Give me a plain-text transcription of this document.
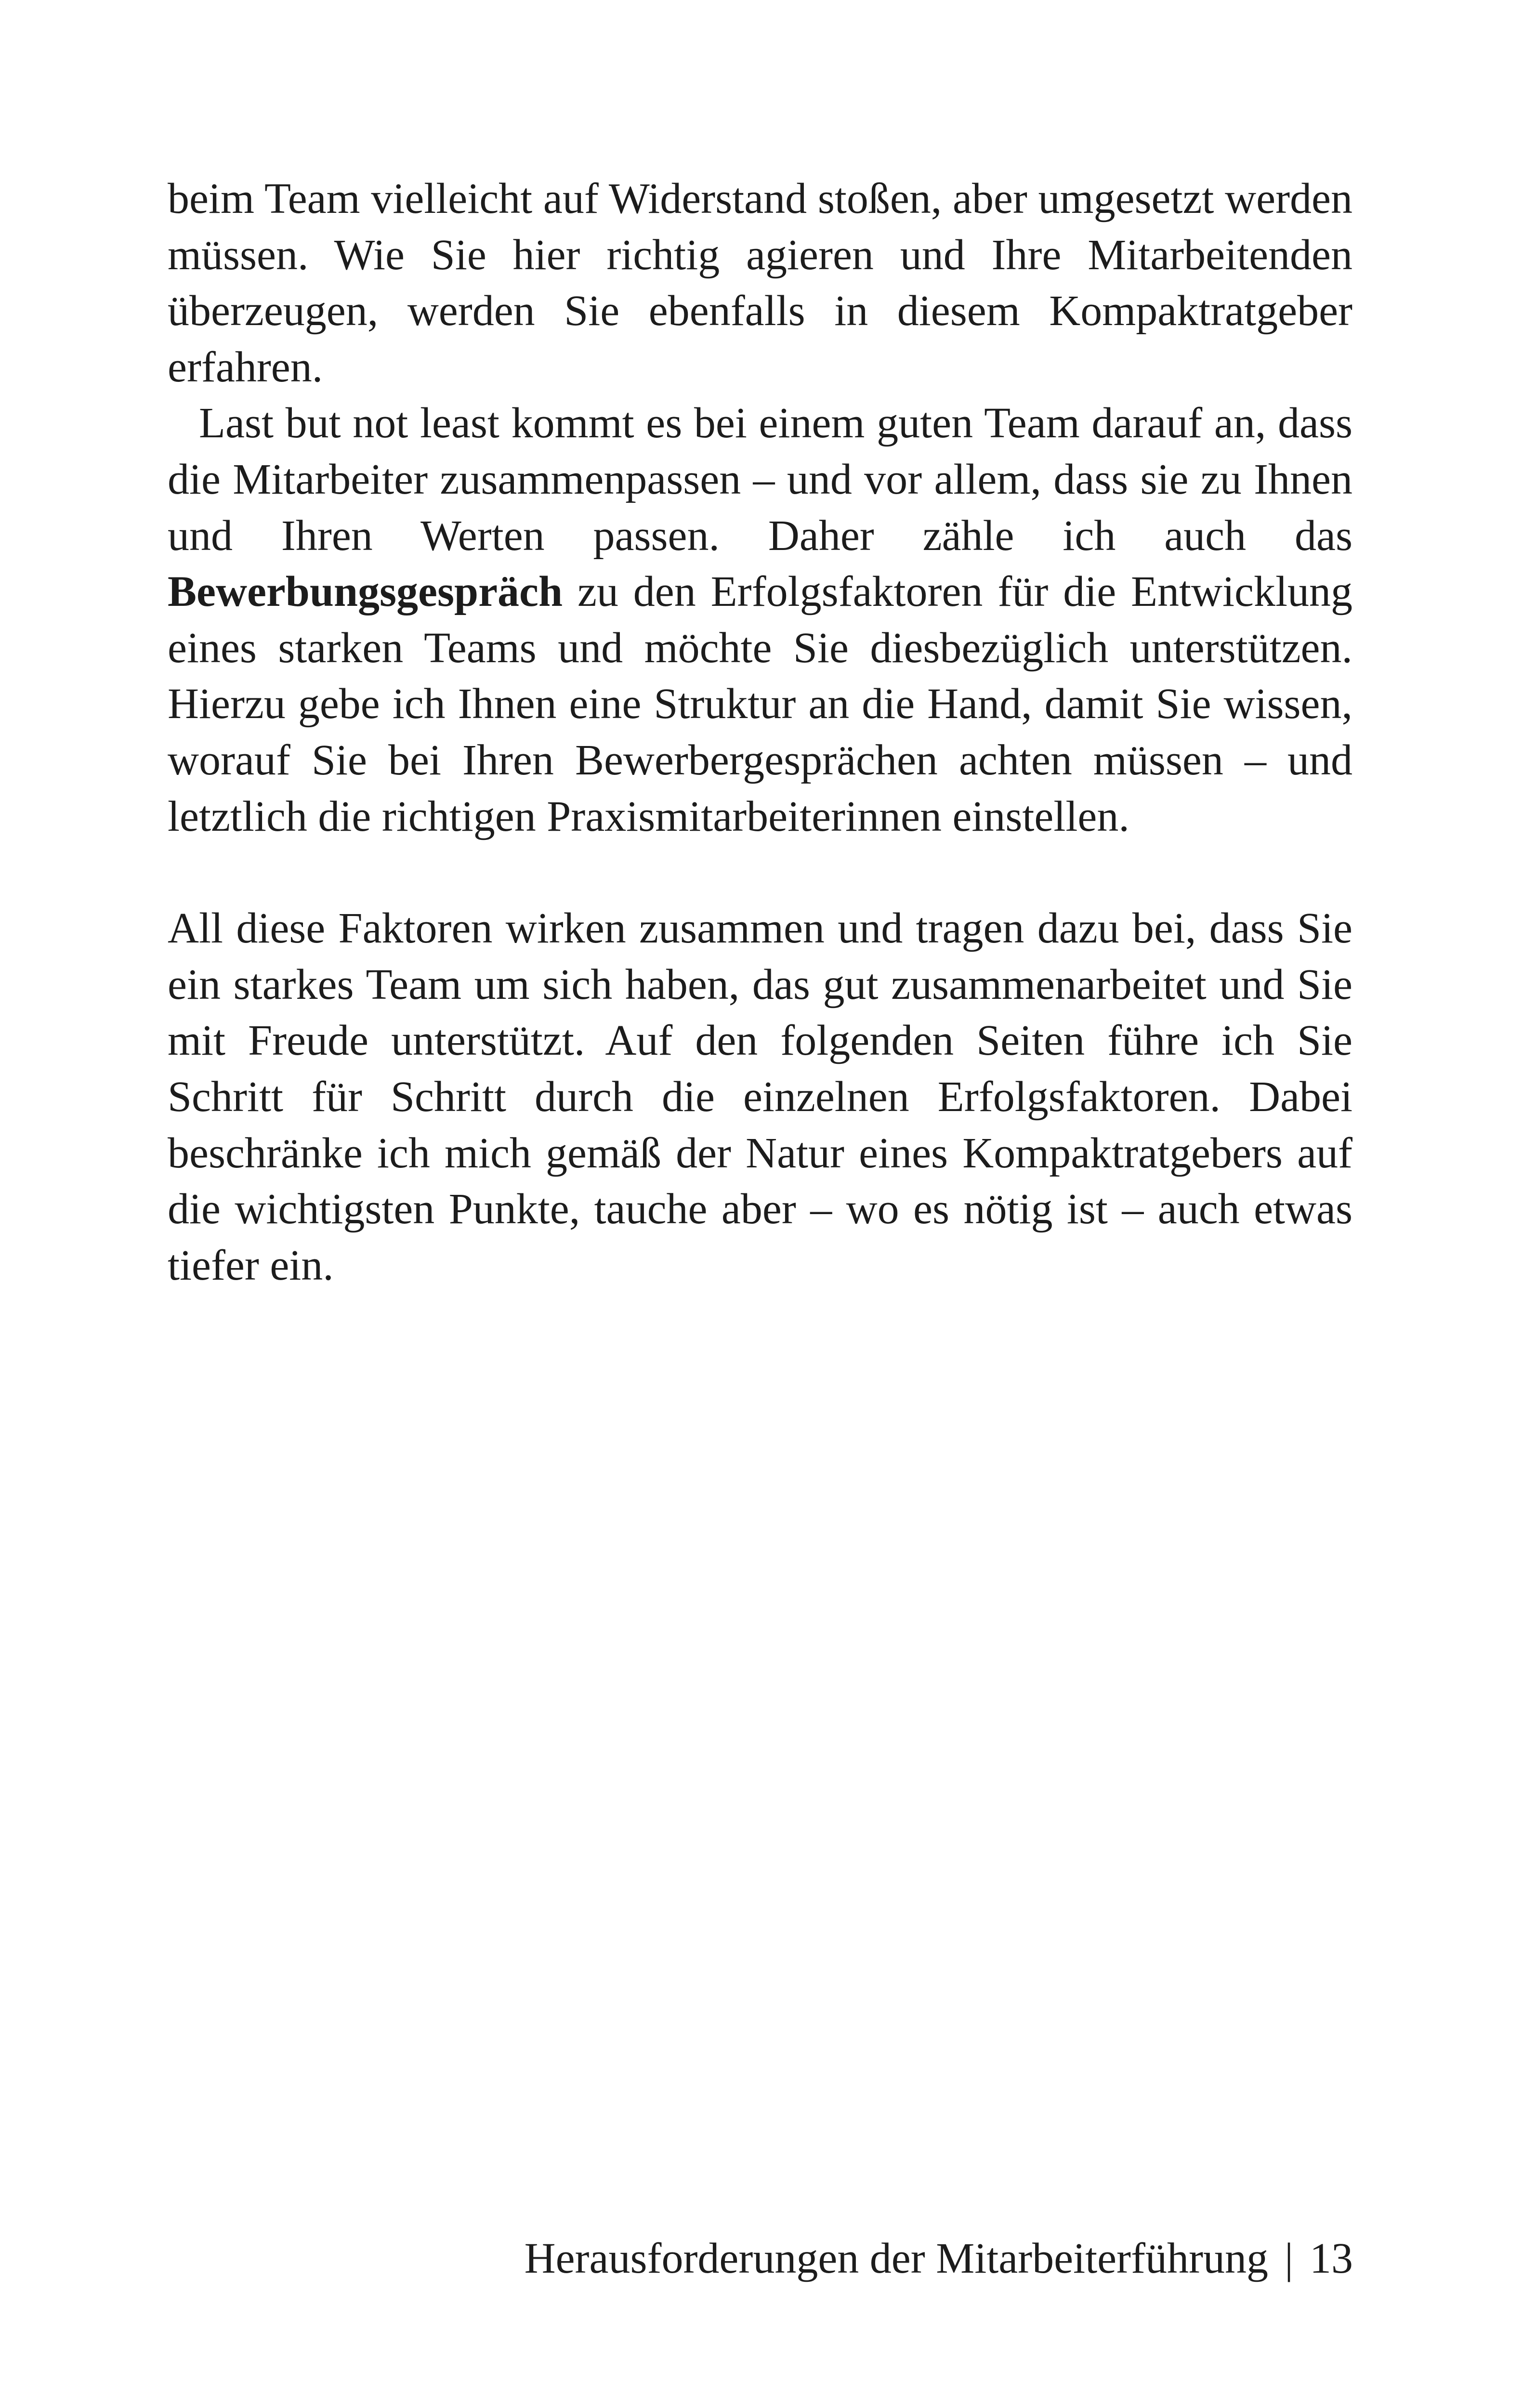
beim Team vielleicht auf Widerstand stoßen, aber umgesetzt werden müssen. Wie Sie hier richtig agieren und Ihre Mitarbeitenden überzeugen, werden Sie ebenfalls in diesem Kompaktratgeber erfahren.

Last but not least kommt es bei einem guten Team darauf an, dass die Mitarbeiter zusammenpassen – und vor allem, dass sie zu Ihnen und Ihren Werten passen. Daher zähle ich auch das Bewerbungsgespräch zu den Erfolgsfaktoren für die Entwicklung eines starken Teams und möchte Sie diesbezüglich unterstützen. Hierzu gebe ich Ihnen eine Struktur an die Hand, damit Sie wissen, worauf Sie bei Ihren Bewerbergesprächen achten müssen – und letztlich die richtigen Praxismitarbeiterinnen einstellen.

All diese Faktoren wirken zusammen und tragen dazu bei, dass Sie ein starkes Team um sich haben, das gut zusammenarbeitet und Sie mit Freude unterstützt. Auf den folgenden Seiten führe ich Sie Schritt für Schritt durch die einzelnen Erfolgsfaktoren. Dabei beschränke ich mich gemäß der Natur eines Kompaktratgebers auf die wichtigsten Punkte, tauche aber – wo es nötig ist – auch etwas tiefer ein.

Herausforderungen der Mitarbeiterführung | 13
